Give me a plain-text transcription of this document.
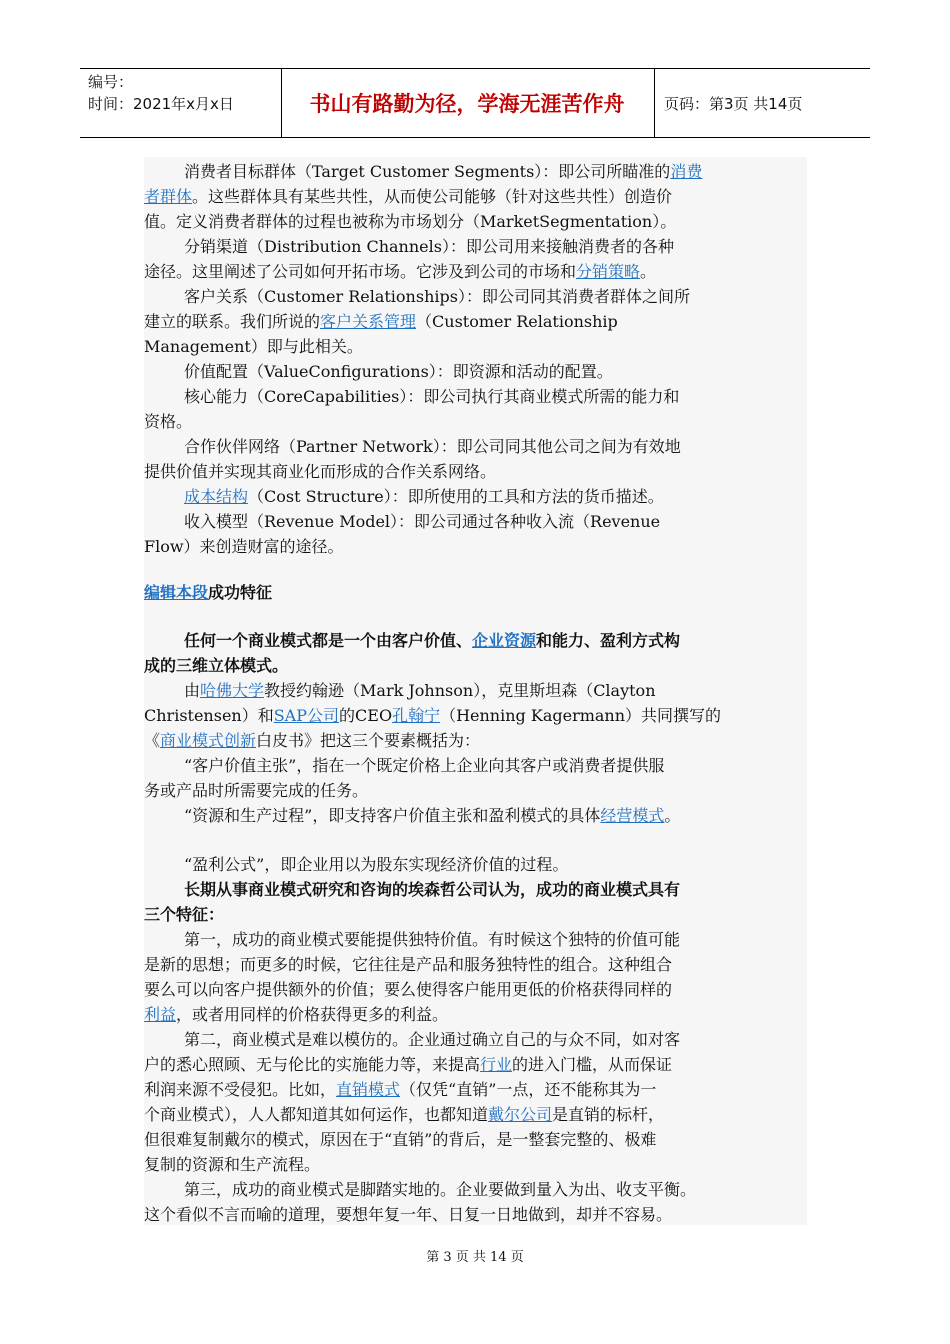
编号：
时间：2021年x月x日	书山有路勤为径，学海无涯苦作舟	页码：第3页 共14页
消费者目标群体（Target Customer Segments）：即公司所瞄准的消费
者群体。这些群体具有某些共性，从而使公司能够（针对这些共性）创造价
值。定义消费者群体的过程也被称为市场划分（MarketSegmentation）。
分销渠道（Distribution Channels）：即公司用来接触消费者的各种
途径。这里阐述了公司如何开拓市场。它涉及到公司的市场和分销策略。
客户关系（Customer Relationships）：即公司同其消费者群体之间所
建立的联系。我们所说的客户关系管理（Customer Relationship
Management）即与此相关。
价值配置（ValueConfigurations）：即资源和活动的配置。
核心能力（CoreCapabilities）：即公司执行其商业模式所需的能力和
资格。
合作伙伴网络（Partner Network）：即公司同其他公司之间为有效地
提供价值并实现其商业化而形成的合作关系网络。
成本结构（Cost Structure）：即所使用的工具和方法的货币描述。
收入模型（Revenue Model）：即公司通过各种收入流（Revenue
Flow）来创造财富的途径。
编辑本段成功特征
任何一个商业模式都是一个由客户价值、企业资源和能力、盈利方式构
成的三维立体模式。
由哈佛大学教授约翰逊（Mark Johnson），克里斯坦森（Clayton
Christensen）和SAP公司的CEO孔翰宁（Henning Kagermann）共同撰写的
《商业模式创新白皮书》把这三个要素概括为：
“客户价值主张”，指在一个既定价格上企业向其客户或消费者提供服
务或产品时所需要完成的任务。
“资源和生产过程”，即支持客户价值主张和盈利模式的具体经营模式。
“盈利公式”，即企业用以为股东实现经济价值的过程。
长期从事商业模式研究和咨询的埃森哲公司认为，成功的商业模式具有
三个特征：
第一，成功的商业模式要能提供独特价值。有时候这个独特的价值可能
是新的思想；而更多的时候，它往往是产品和服务独特性的组合。这种组合
要么可以向客户提供额外的价值；要么使得客户能用更低的价格获得同样的
利益，或者用同样的价格获得更多的利益。
第二，商业模式是难以模仿的。企业通过确立自己的与众不同，如对客
户的悉心照顾、无与伦比的实施能力等，来提高行业的进入门槛，从而保证
利润来源不受侵犯。比如，直销模式（仅凭“直销”一点，还不能称其为一
个商业模式），人人都知道其如何运作，也都知道戴尔公司是直销的标杆，
但很难复制戴尔的模式，原因在于“直销”的背后，是一整套完整的、极难
复制的资源和生产流程。
第三，成功的商业模式是脚踏实地的。企业要做到量入为出、收支平衡。
这个看似不言而喻的道理，要想年复一年、日复一日地做到，却并不容易。
第 3 页 共 14 页
